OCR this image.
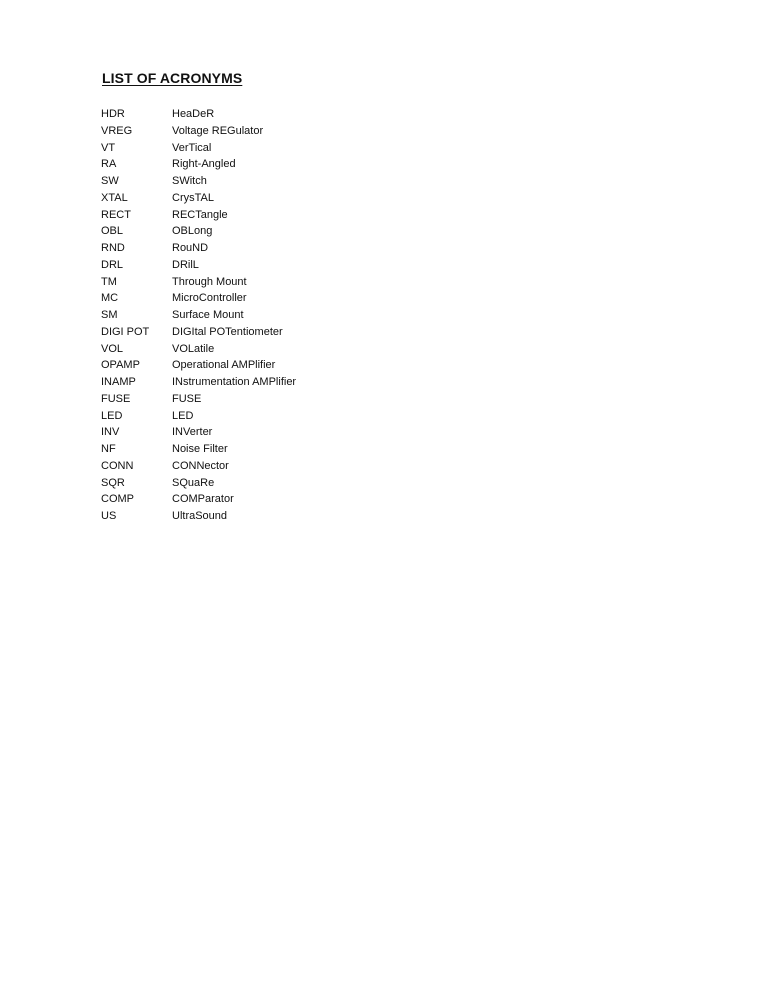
LIST OF ACRONYMS
HDR	HeaDeR
VREG	Voltage REGulator
VT	VerTical
RA	Right-Angled
SW	SWitch
XTAL	CrysTAL
RECT	RECTangle
OBL	OBLong
RND	RouND
DRL	DRilL
TM	Through Mount
MC	MicroController
SM	Surface Mount
DIGI POT	DIGItal POTentiometer
VOL	VOLatile
OPAMP	Operational AMPlifier
INAMP	INstrumentation AMPlifier
FUSE	FUSE
LED	LED
INV	INVerter
NF	Noise Filter
CONN	CONNector
SQR	SQuaRe
COMP	COMParator
US	UltraSound
